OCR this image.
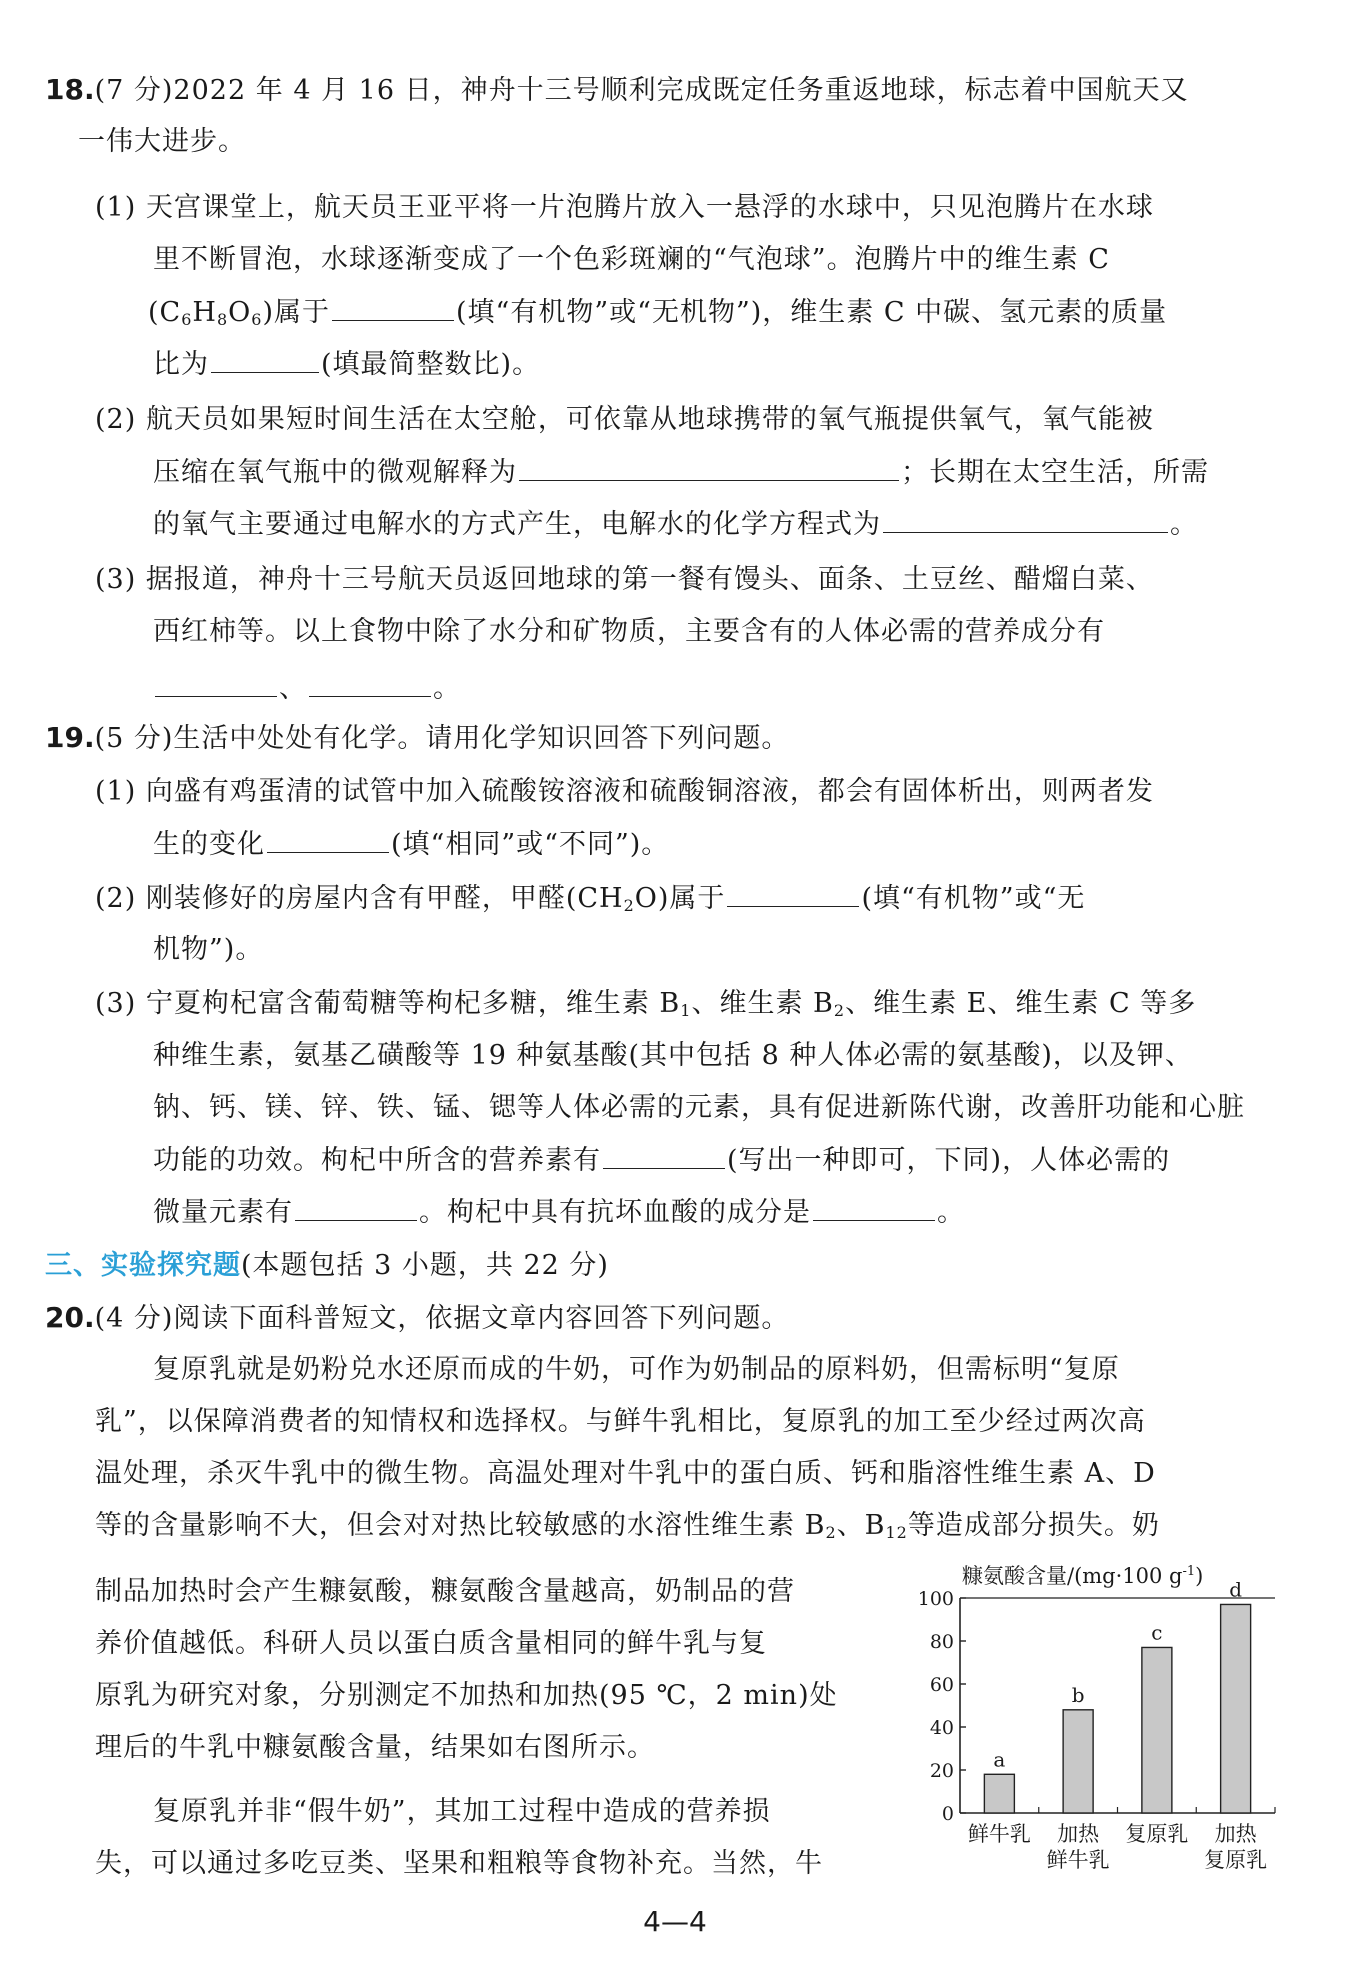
18.(7 分)2022 年 4 月 16 日，神舟十三号顺利完成既定任务重返地球，标志着中国航天又
一伟大进步。
(1) 天宫课堂上，航天员王亚平将一片泡腾片放入一悬浮的水球中，只见泡腾片在水球
里不断冒泡，水球逐渐变成了一个色彩斑斓的“气泡球”。泡腾片中的维生素 C
$(C_6H_8O_6)$属于	(填“有机物”或“无机物”)，维生素 C 中碳、氢元素的质量
比为	(填最简整数比)。
(2) 航天员如果短时间生活在太空舱，可依靠从地球携带的氧气瓶提供氧气，氧气能被
压缩在氧气瓶中的微观解释为	；长期在太空生活，所需
的氧气主要通过电解水的方式产生，电解水的化学方程式为	。
(3) 据报道，神舟十三号航天员返回地球的第一餐有馒头、面条、土豆丝、醋熘白菜、
西红柿等。以上食物中除了水分和矿物质，主要含有的人体必需的营养成分有
、	。
19.(5 分)生活中处处有化学。请用化学知识回答下列问题。
(1) 向盛有鸡蛋清的试管中加入硫酸铵溶液和硫酸铜溶液，都会有固体析出，则两者发
生的变化	(填“相同”或“不同”)。
(2) 刚装修好的房屋内含有甲醛，甲醛$(CH_2O)$属于	(填“有机物”或“无
机物”)。
(3) 宁夏枸杞富含葡萄糖等枸杞多糖，维生素 $B_1$、维生素 $B_2$、维生素 E、维生素 C 等多
种维生素，氨基乙磺酸等 19 种氨基酸(其中包括 8 种人体必需的氨基酸)，以及钾、
钠、钙、镁、锌、铁、锰、锶等人体必需的元素，具有促进新陈代谢，改善肝功能和心脏
功能的功效。枸杞中所含的营养素有	(写出一种即可，下同)，人体必需的
微量元素有	。枸杞中具有抗坏血酸的成分是	。
三、实验探究题(本题包括 3 小题，共 22 分)
20.(4 分)阅读下面科普短文，依据文章内容回答下列问题。
复原乳就是奶粉兑水还原而成的牛奶，可作为奶制品的原料奶，但需标明“复原
乳”，以保障消费者的知情权和选择权。与鲜牛乳相比，复原乳的加工至少经过两次高
温处理，杀灭牛乳中的微生物。高温处理对牛乳中的蛋白质、钙和脂溶性维生素 A、D
等的含量影响不大，但会对对热比较敏感的水溶性维生素 $B_2$、$B_{12}$等造成部分损失。奶
制品加热时会产生糠氨酸，糠氨酸含量越高，奶制品的营
养价值越低。科研人员以蛋白质含量相同的鲜牛乳与复
原乳为研究对象，分别测定不加热和加热(95 ℃，2 min)处
理后的牛乳中糠氨酸含量，结果如右图所示。
复原乳并非“假牛奶”，其加工过程中造成的营养损
失，可以通过多吃豆类、坚果和粗粮等食物补充。当然，牛
糠氨酸含量/(mg·100 $g^{-1}$)
0
20
40
60
80
100
a
鲜牛乳
b
加热
鲜牛乳
c
复原乳
d
加热
复原乳
4—4
